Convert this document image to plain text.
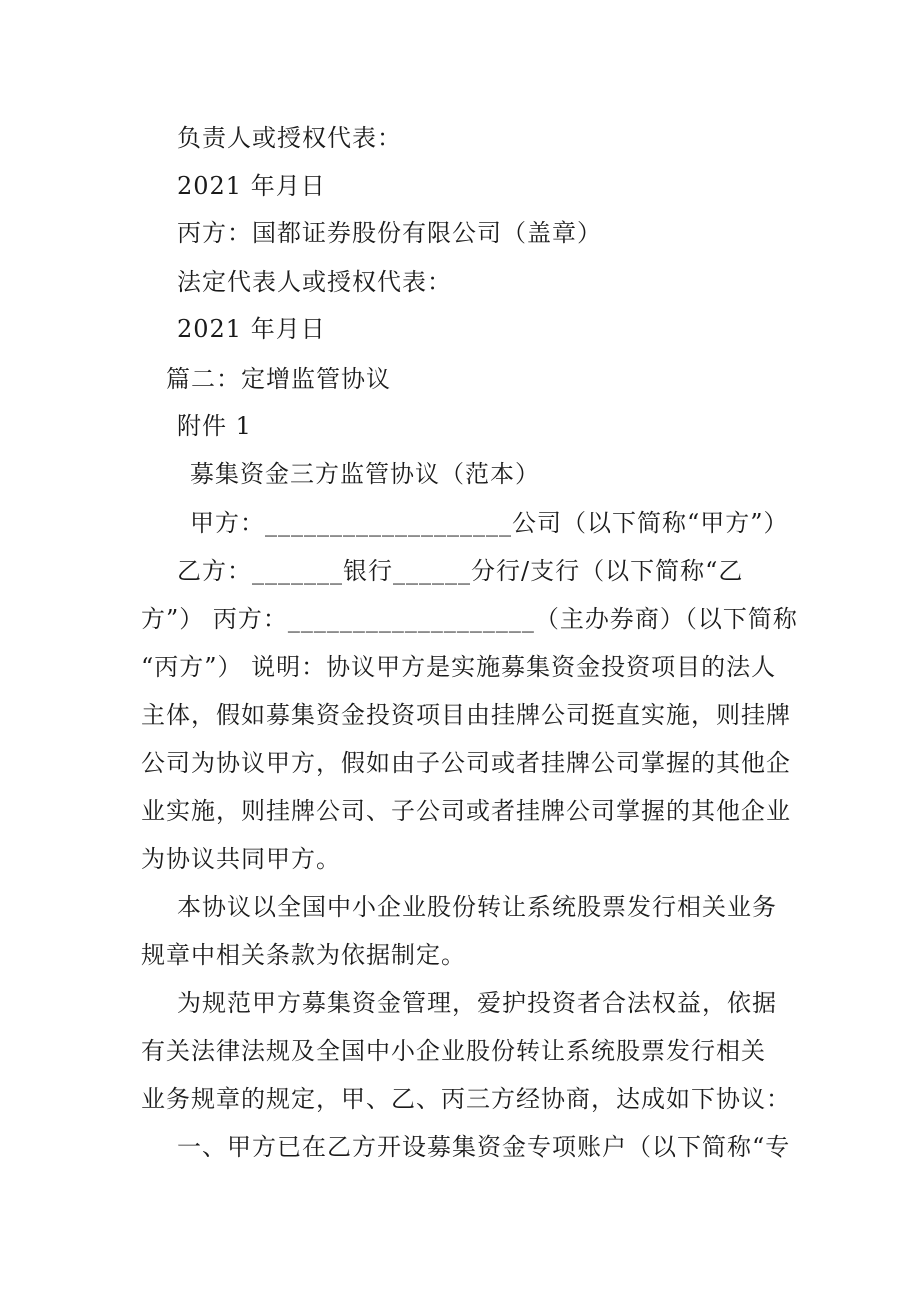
负责人或授权代表：
2021 年月日
丙方：国都证券股份有限公司（盖章）
法定代表人或授权代表：
2021 年月日
篇二：定增监管协议
附件 1
募集资金三方监管协议（范本）
甲方：___________________公司（以下简称“甲方”）
乙方：_______银行______分行/支行（以下简称“乙
方”） 丙方：___________________（主办券商）（以下简称
“丙方”） 说明：协议甲方是实施募集资金投资项目的法人
主体，假如募集资金投资项目由挂牌公司挺直实施，则挂牌
公司为协议甲方，假如由子公司或者挂牌公司掌握的其他企
业实施，则挂牌公司、子公司或者挂牌公司掌握的其他企业
为协议共同甲方。
本协议以全国中小企业股份转让系统股票发行相关业务
规章中相关条款为依据制定。
为规范甲方募集资金管理，爱护投资者合法权益，依据
有关法律法规及全国中小企业股份转让系统股票发行相关
业务规章的规定，甲、乙、丙三方经协商，达成如下协议：
一、甲方已在乙方开设募集资金专项账户（以下简称“专
